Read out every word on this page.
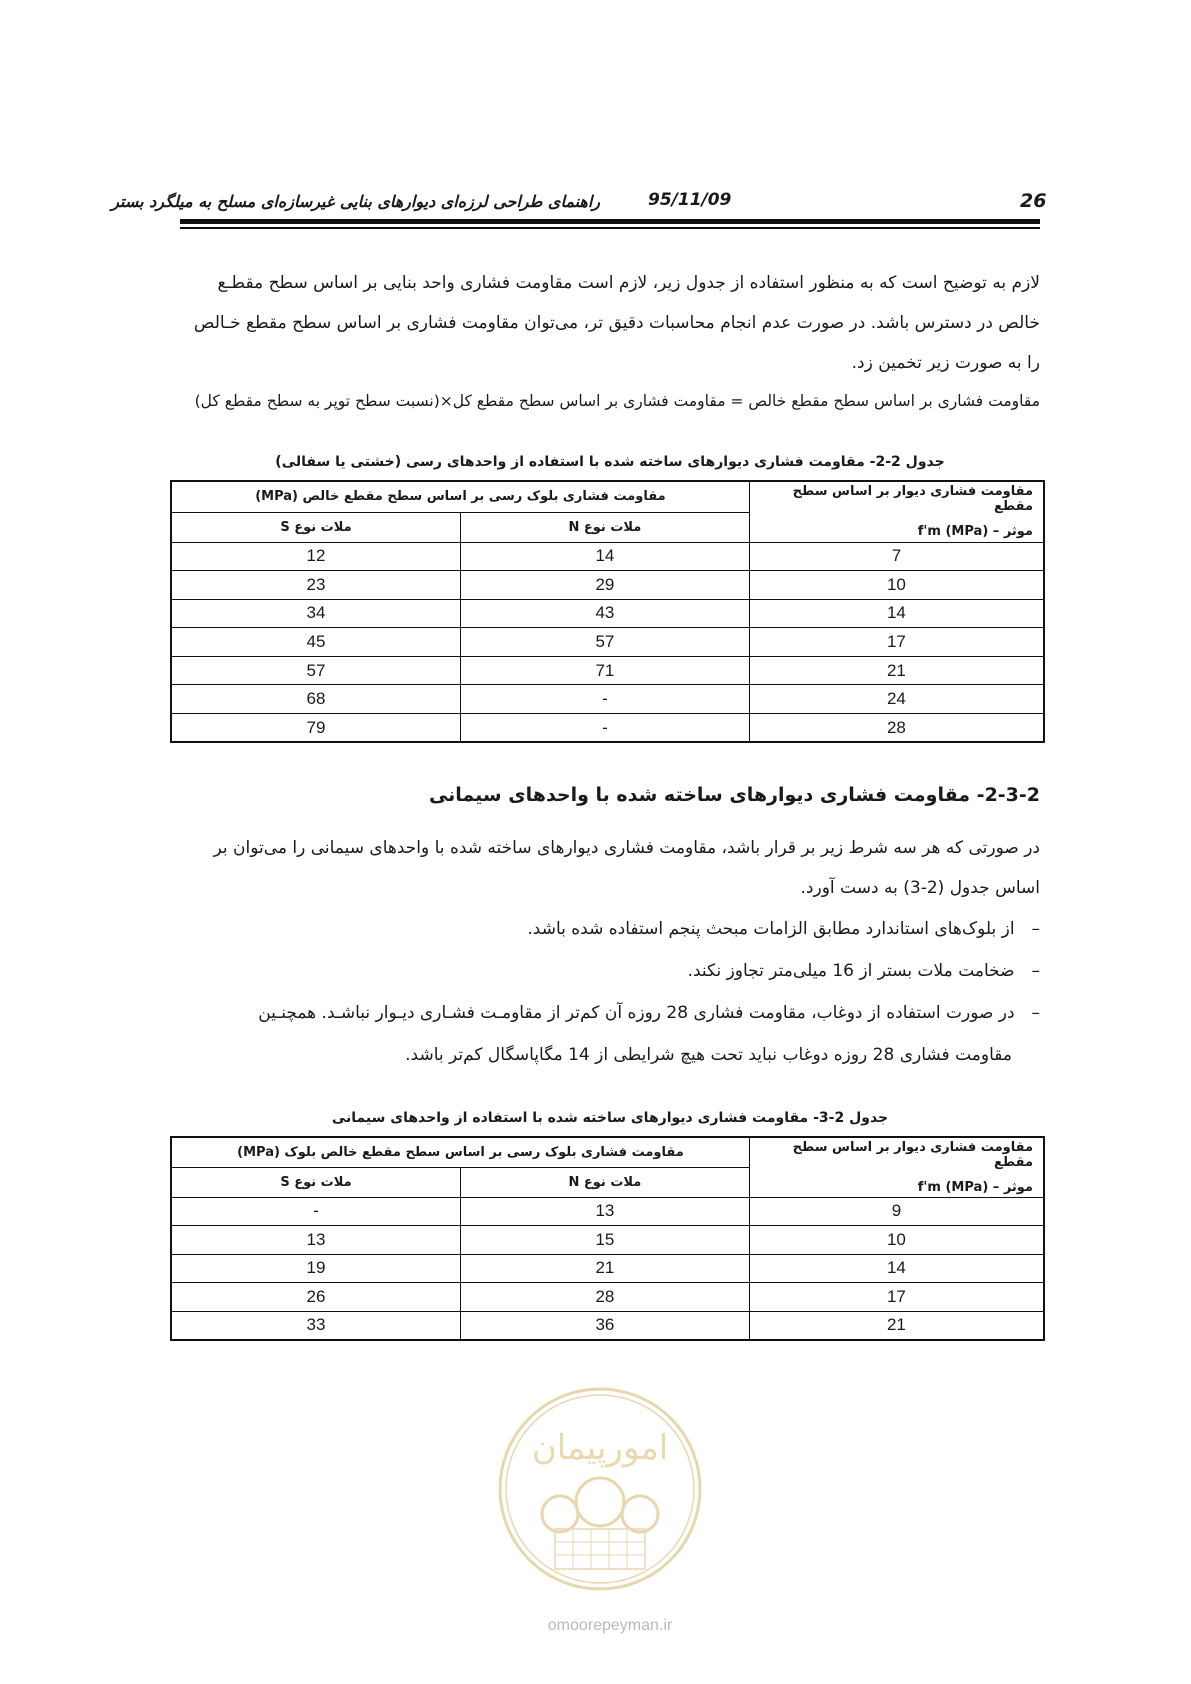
26
راهنمای طراحی لرزه‌ای دیوارهای بنایی غیرسازه‌ای مسلح به میلگرد بستر	95/11/09
لازم به توضیح است که به منظور استفاده از جدول زیر، لازم است مقاومت فشاری واحد بنایی بر اساس سطح مقطـع
خالص در دسترس باشد. در صورت عدم انجام محاسبات دقیق تر، می‌توان مقاومت فشاری بر اساس سطح مقطع خـالص
را به صورت زیر تخمین زد.
مقاومت فشاری بر اساس سطح مقطع خالص = مقاومت فشاری بر اساس سطح مقطع کل×(نسبت سطح توپر به سطح مقطع کل)
جدول 2-2- مقاومت فشاری دیوارهای ساخته شده با استفاده از واحدهای رسی (خشتی یا سفالی)
مقاومت فشاری دیوار بر اساس سطح مقطع
موثر – f'm (MPa)	مقاومت فشاری بلوک رسی بر اساس سطح مقطع خالص (MPa)	
	ملات نوع N	ملات نوع S
7	14	12
10	29	23
14	43	34
17	57	45
21	71	57
24	-	68
28	-	79
2-3-2- مقاومت فشاری دیوارهای ساخته شده با واحدهای سیمانی
در صورتی که هر سه شرط زیر بر قرار باشد، مقاومت فشاری دیوارهای ساخته شده با واحدهای سیمانی را می‌توان بر
اساس جدول (2-3) به دست آورد.
– از بلوک‌های استاندارد مطابق الزامات مبحث پنجم استفاده شده باشد.
– ضخامت ملات بستر از 16 میلی‌متر تجاوز نکند.
– در صورت استفاده از دوغاب، مقاومت فشاری 28 روزه آن کم‌تر از مقاومـت فشـاری دیـوار نباشـد. همچنـین
مقاومت فشاری 28 روزه دوغاب نباید تحت هیچ شرایطی از 14 مگاپاسگال کم‌تر باشد.
جدول 2-3- مقاومت فشاری دیوارهای ساخته شده با استفاده از واحدهای سیمانی
مقاومت فشاری دیوار بر اساس سطح مقطع
موثر – f'm (MPa)	مقاومت فشاری بلوک رسی بر اساس سطح مقطع خالص بلوک (MPa)	
	ملات نوع N	ملات نوع S
9	13	-
10	15	13
14	21	19
17	28	26
21	36	33
امورپیمان
omoorepeyman.ir
